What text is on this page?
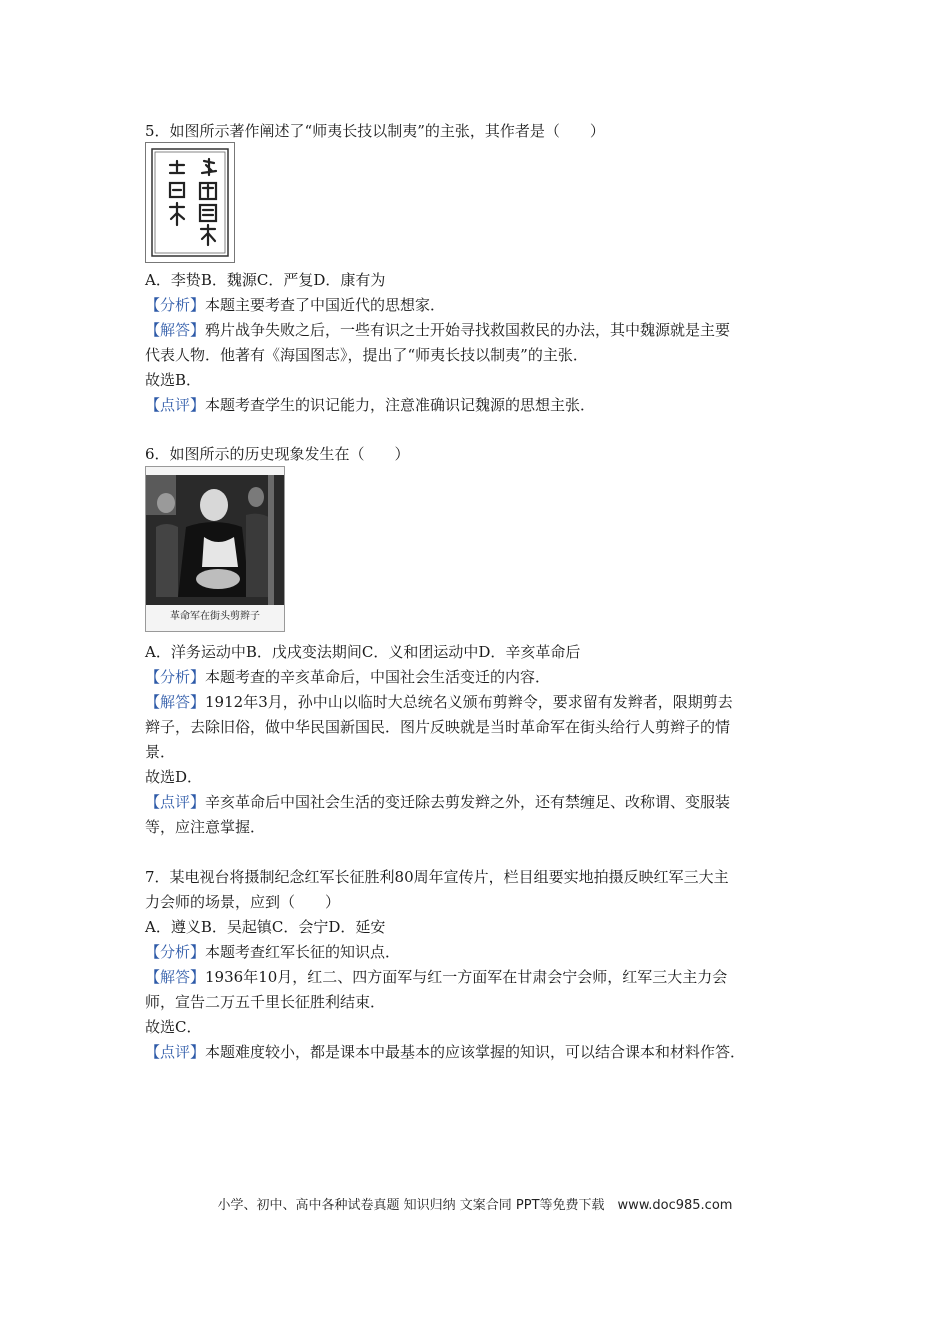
5．如图所示著作阐述了“师夷长技以制夷”的主张，其作者是（　　）
A．李贽B．魏源C．严复D．康有为
【分析】本题主要考查了中国近代的思想家．
【解答】鸦片战争失败之后，一些有识之士开始寻找救国救民的办法，其中魏源就是主要
代表人物．他著有《海国图志》，提出了“师夷长技以制夷”的主张．
故选B．
【点评】本题考查学生的识记能力，注意准确识记魏源的思想主张．
6．如图所示的历史现象发生在（　　）
革命军在街头剪辫子
A．洋务运动中B．戊戌变法期间C．义和团运动中D．辛亥革命后
【分析】本题考查的辛亥革命后，中国社会生活变迁的内容．
【解答】1912年3月，孙中山以临时大总统名义颁布剪辫令，要求留有发辫者，限期剪去
辫子，去除旧俗，做中华民国新国民．图片反映就是当时革命军在街头给行人剪辫子的情
景．
故选D．
【点评】辛亥革命后中国社会生活的变迁除去剪发辫之外，还有禁缠足、改称谓、变服装
等，应注意掌握．
7．某电视台将摄制纪念红军长征胜利80周年宣传片，栏目组要实地拍摄反映红军三大主
力会师的场景，应到（　　）
A．遵义B．吴起镇C．会宁D．延安
【分析】本题考查红军长征的知识点．
【解答】1936年10月，红二、四方面军与红一方面军在甘肃会宁会师，红军三大主力会
师，宣告二万五千里长征胜利结束．
故选C．
【点评】本题难度较小，都是课本中最基本的应该掌握的知识，可以结合课本和材料作答．
小学、初中、高中各种试卷真题 知识归纳 文案合同 PPT等免费下载　www.doc985.com
